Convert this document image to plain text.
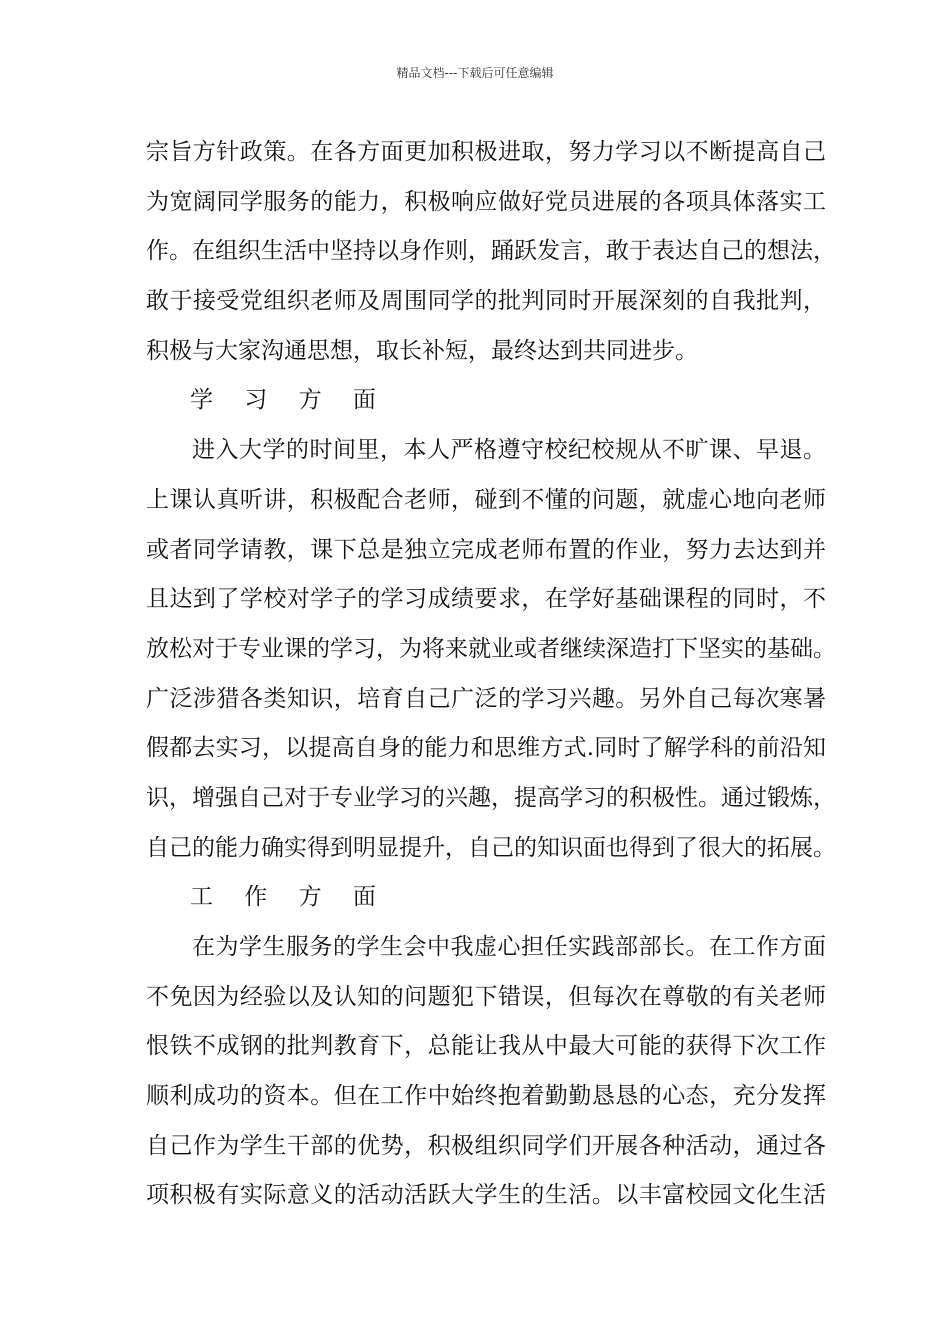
精品文档---下载后可任意编辑
宗旨方针政策。在各方面更加积极进取，努力学习以不断提高自己
为宽阔同学服务的能力，积极响应做好党员进展的各项具体落实工
作。在组织生活中坚持以身作则，踊跃发言，敢于表达自己的想法，
敢于接受党组织老师及周围同学的批判同时开展深刻的自我批判，
积极与大家沟通思想，取长补短，最终达到共同进步。
学 习 方 面
进入大学的时间里，本人严格遵守校纪校规从不旷课、早退。
上课认真听讲，积极配合老师，碰到不懂的问题，就虚心地向老师
或者同学请教，课下总是独立完成老师布置的作业，努力去达到并
且达到了学校对学子的学习成绩要求，在学好基础课程的同时，不
放松对于专业课的学习，为将来就业或者继续深造打下坚实的基础。
广泛涉猎各类知识，培育自己广泛的学习兴趣。另外自己每次寒暑
假都去实习，以提高自身的能力和思维方式.同时了解学科的前沿知
识，增强自己对于专业学习的兴趣，提高学习的积极性。通过锻炼，
自己的能力确实得到明显提升，自己的知识面也得到了很大的拓展。
工 作 方 面
在为学生服务的学生会中我虚心担任实践部部长。在工作方面
不免因为经验以及认知的问题犯下错误，但每次在尊敬的有关老师
恨铁不成钢的批判教育下，总能让我从中最大可能的获得下次工作
顺利成功的资本。但在工作中始终抱着勤勤恳恳的心态，充分发挥
自己作为学生干部的优势，积极组织同学们开展各种活动，通过各
项积极有实际意义的活动活跃大学生的生活。以丰富校园文化生活
